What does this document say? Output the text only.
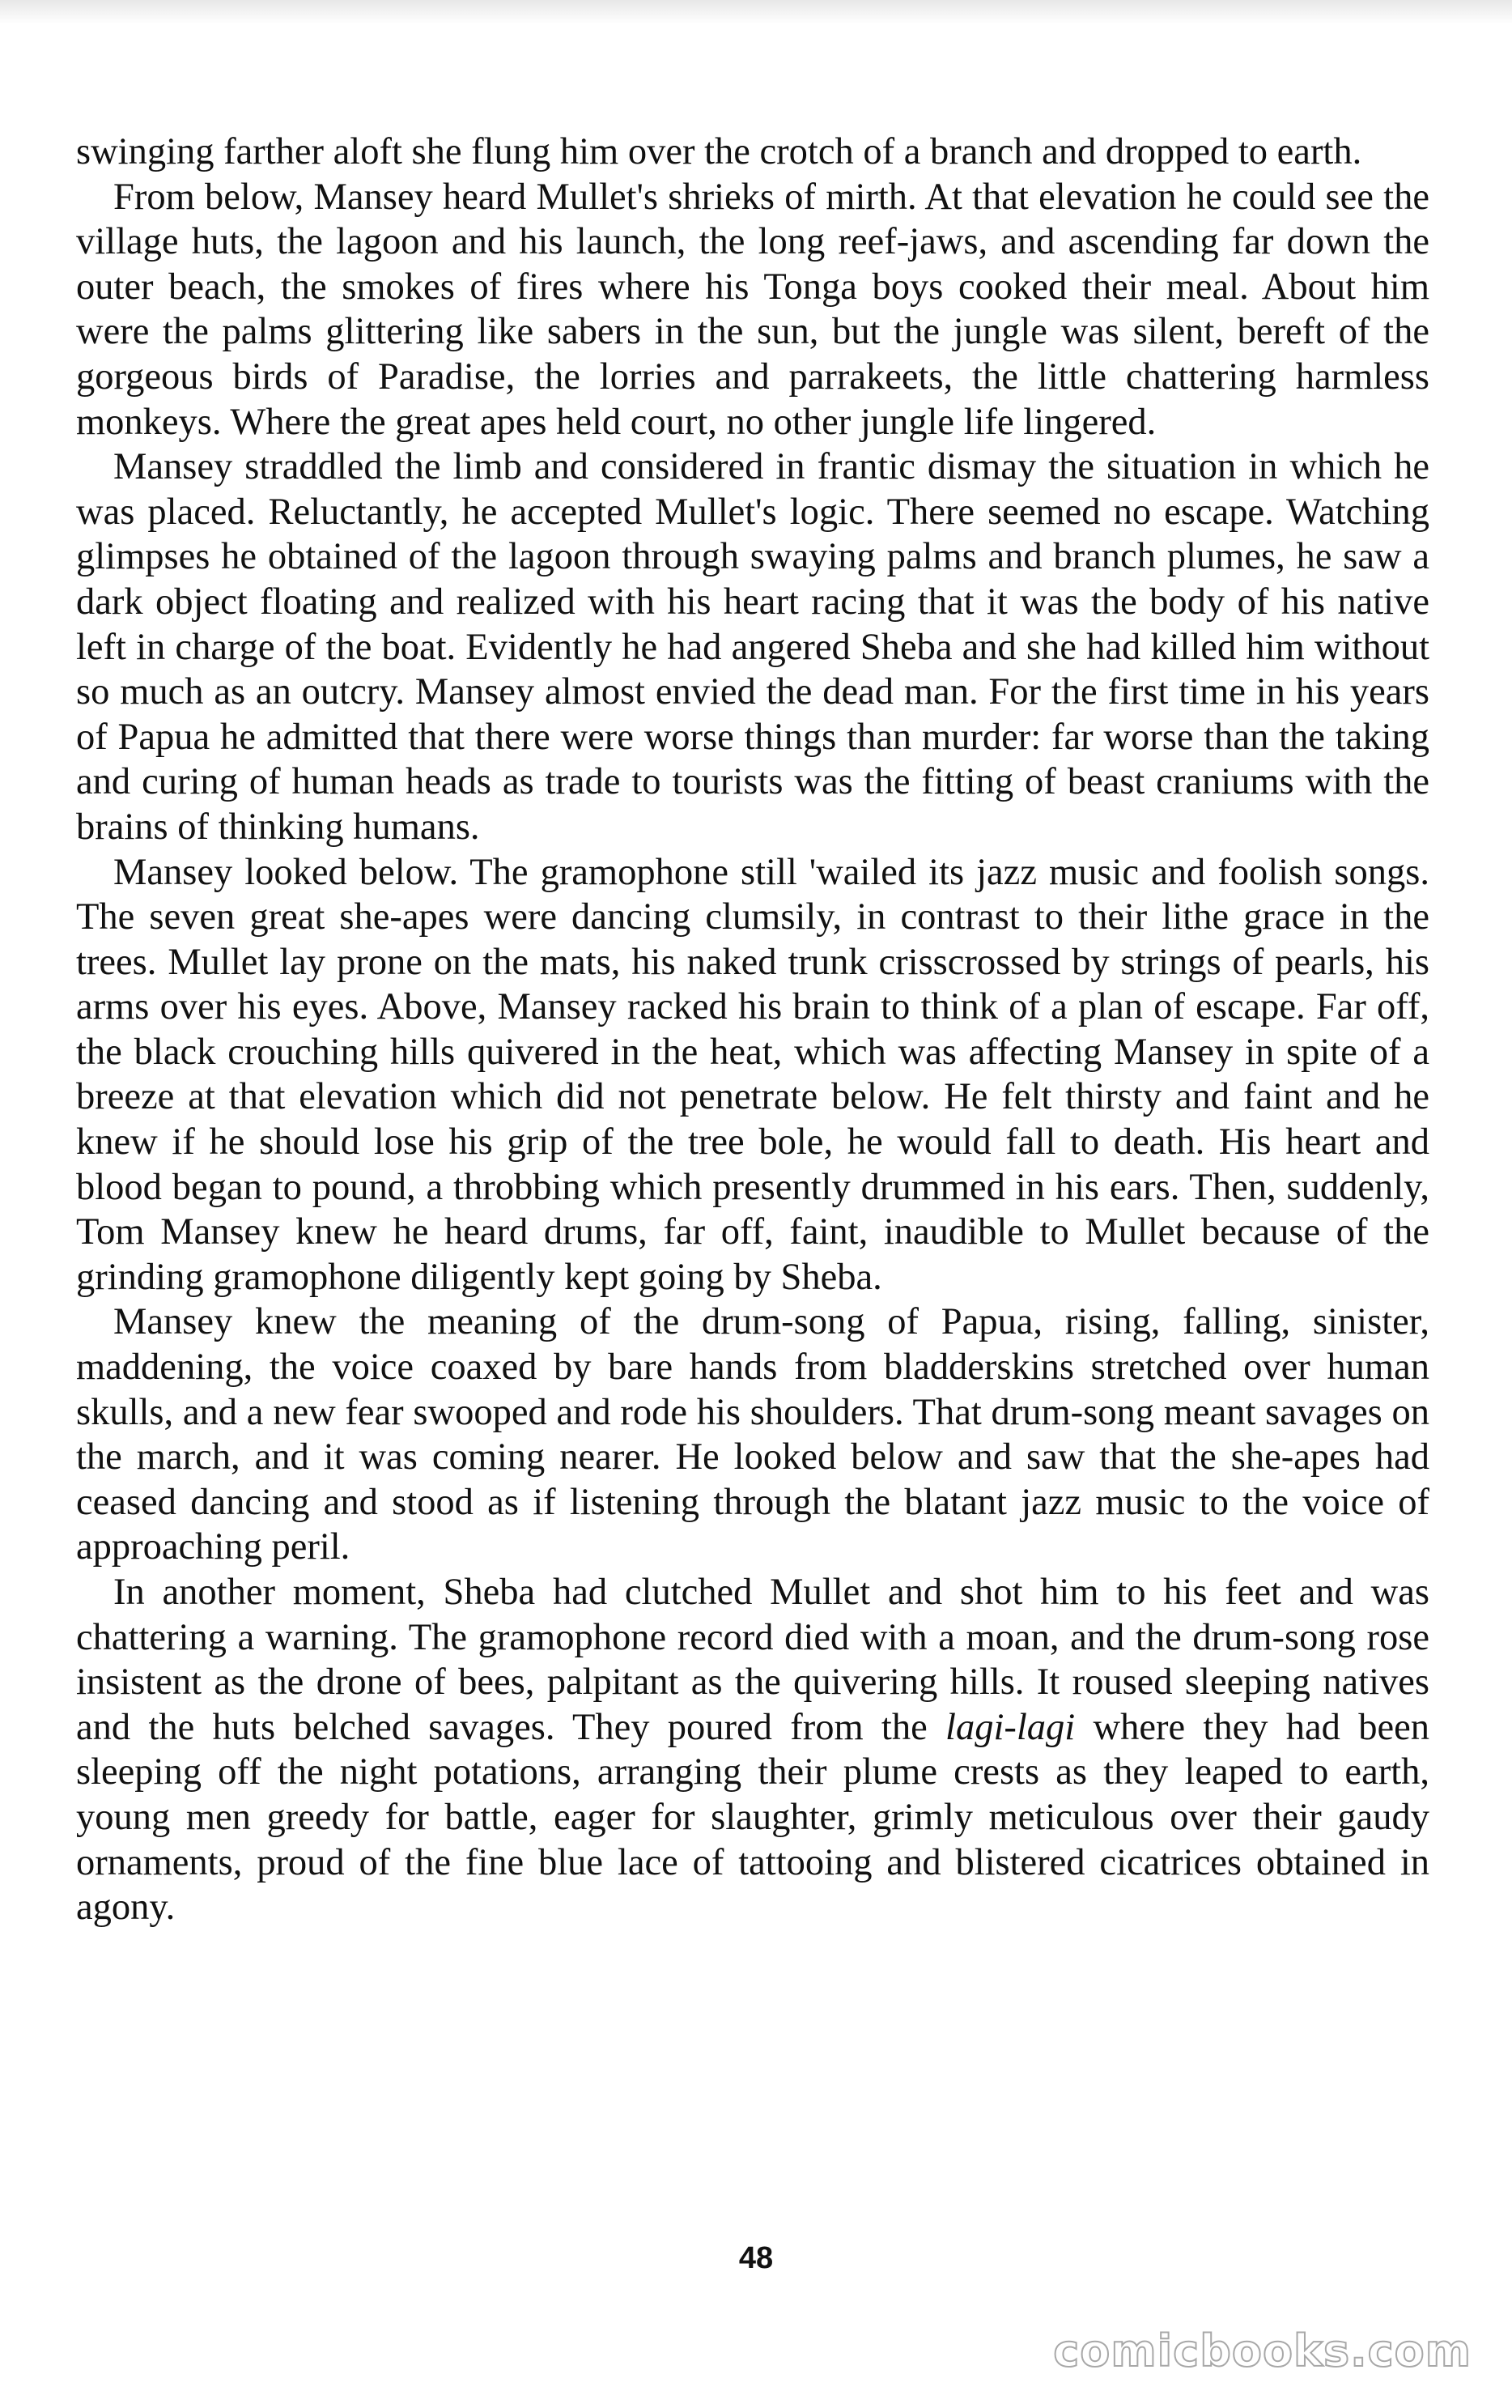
swinging farther aloft she flung him over the crotch of a branch and dropped to earth.

From below, Mansey heard Mullet's shrieks of mirth. At that elevation he could see the village huts, the lagoon and his launch, the long reef-jaws, and ascending far down the outer beach, the smokes of fires where his Tonga boys cooked their meal. About him were the palms glittering like sabers in the sun, but the jungle was silent, bereft of the gorgeous birds of Paradise, the lorries and parrakeets, the little chattering harmless monkeys. Where the great apes held court, no other jungle life lingered.

Mansey straddled the limb and considered in frantic dismay the situation in which he was placed. Reluctantly, he accepted Mullet's logic. There seemed no escape. Watching glimpses he obtained of the lagoon through swaying palms and branch plumes, he saw a dark object floating and realized with his heart racing that it was the body of his native left in charge of the boat. Evidently he had angered Sheba and she had killed him without so much as an outcry. Mansey almost envied the dead man. For the first time in his years of Papua he admitted that there were worse things than murder: far worse than the taking and curing of human heads as trade to tourists was the fitting of beast craniums with the brains of thinking humans.

Mansey looked below. The gramophone still 'wailed its jazz music and foolish songs. The seven great she-apes were dancing clumsily, in contrast to their lithe grace in the trees. Mullet lay prone on the mats, his naked trunk crisscrossed by strings of pearls, his arms over his eyes. Above, Mansey racked his brain to think of a plan of escape. Far off, the black crouching hills quivered in the heat, which was affecting Mansey in spite of a breeze at that elevation which did not penetrate below. He felt thirsty and faint and he knew if he should lose his grip of the tree bole, he would fall to death. His heart and blood began to pound, a throbbing which presently drummed in his ears. Then, suddenly, Tom Mansey knew he heard drums, far off, faint, inaudible to Mullet because of the grinding gramophone diligently kept going by Sheba.

Mansey knew the meaning of the drum-song of Papua, rising, falling, sinister, maddening, the voice coaxed by bare hands from bladderskins stretched over human skulls, and a new fear swooped and rode his shoulders. That drum-song meant savages on the march, and it was coming nearer. He looked below and saw that the she-apes had ceased dancing and stood as if listening through the blatant jazz music to the voice of approaching peril.

In another moment, Sheba had clutched Mullet and shot him to his feet and was chattering a warning. The gramophone record died with a moan, and the drum-song rose insistent as the drone of bees, palpitant as the quivering hills. It roused sleeping natives and the huts belched savages. They poured from the lagi-lagi where they had been sleeping off the night potations, arranging their plume crests as they leaped to earth, young men greedy for battle, eager for slaughter, grimly meticulous over their gaudy ornaments, proud of the fine blue lace of tattooing and blistered cicatrices obtained in agony.

48
comicbooks.com
